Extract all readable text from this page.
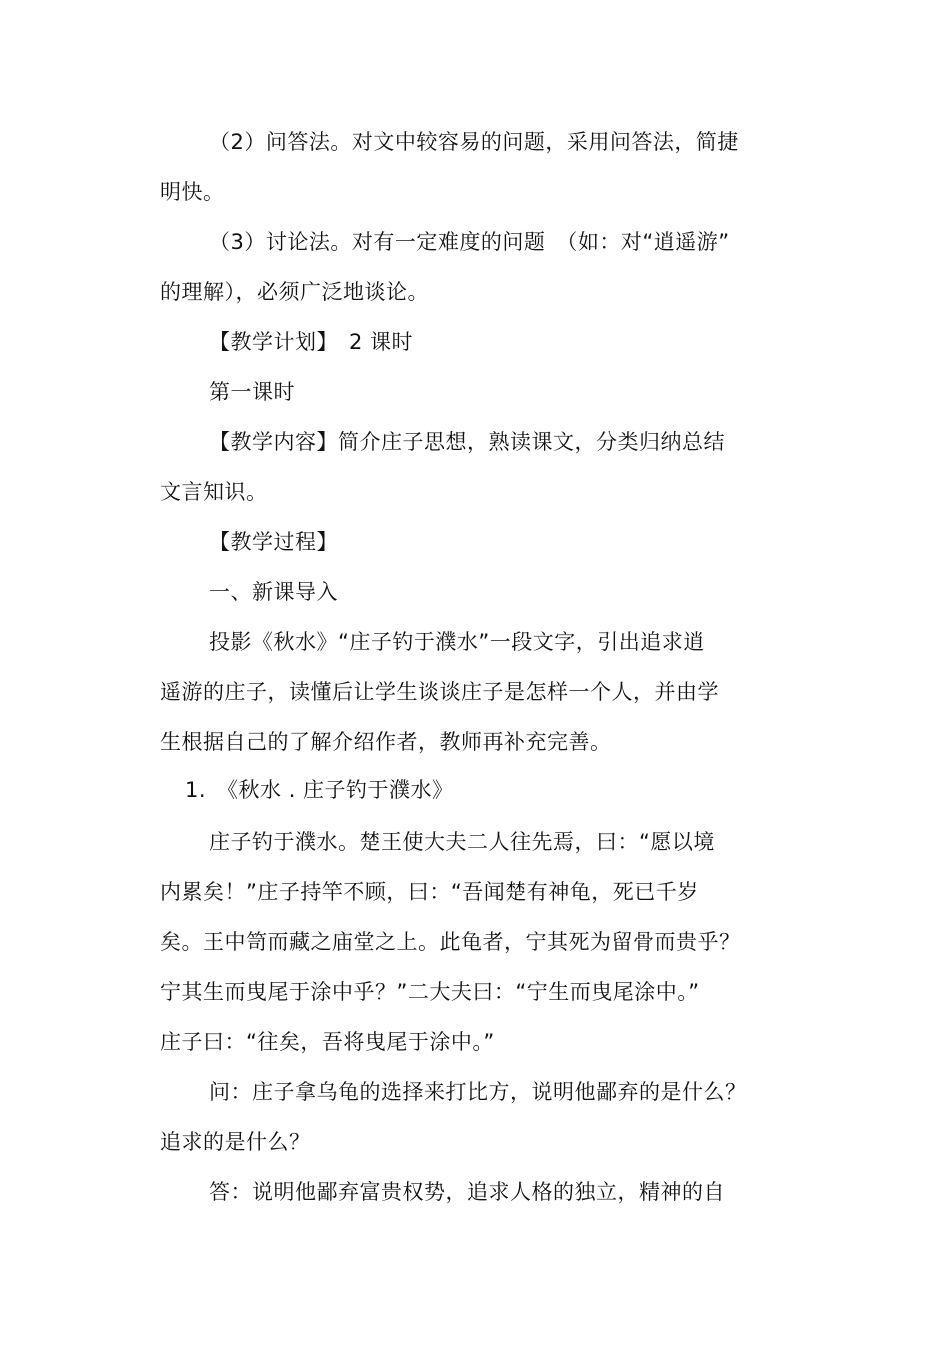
（2）问答法。对文中较容易的问题，采用问答法，简捷
明快。
（3）讨论法。对有一定难度的问题　（如：对“逍遥游”
的理解），必须广泛地谈论。
【教学计划】　2 课时
第一课时
【教学内容】简介庄子思想，熟读课文，分类归纳总结
文言知识。
【教学过程】
一、新课导入
投影《秋水》“庄子钓于濮水”一段文字，引出追求逍
遥游的庄子，读懂后让学生谈谈庄子是怎样一个人，并由学
生根据自己的了解介绍作者，教师再补充完善。
1.　《秋水 . 庄子钓于濮水》
庄子钓于濮水。楚王使大夫二人往先焉，曰：“愿以境
内累矣！”庄子持竿不顾，曰：“吾闻楚有神龟，死已千岁
矣。王中笥而藏之庙堂之上。此龟者，宁其死为留骨而贵乎？
宁其生而曳尾于涂中乎？”二大夫曰：“宁生而曳尾涂中。”
庄子曰：“往矣，吾将曳尾于涂中。”
问：庄子拿乌龟的选择来打比方，说明他鄙弃的是什么？
追求的是什么？
答：说明他鄙弃富贵权势，追求人格的独立，精神的自
